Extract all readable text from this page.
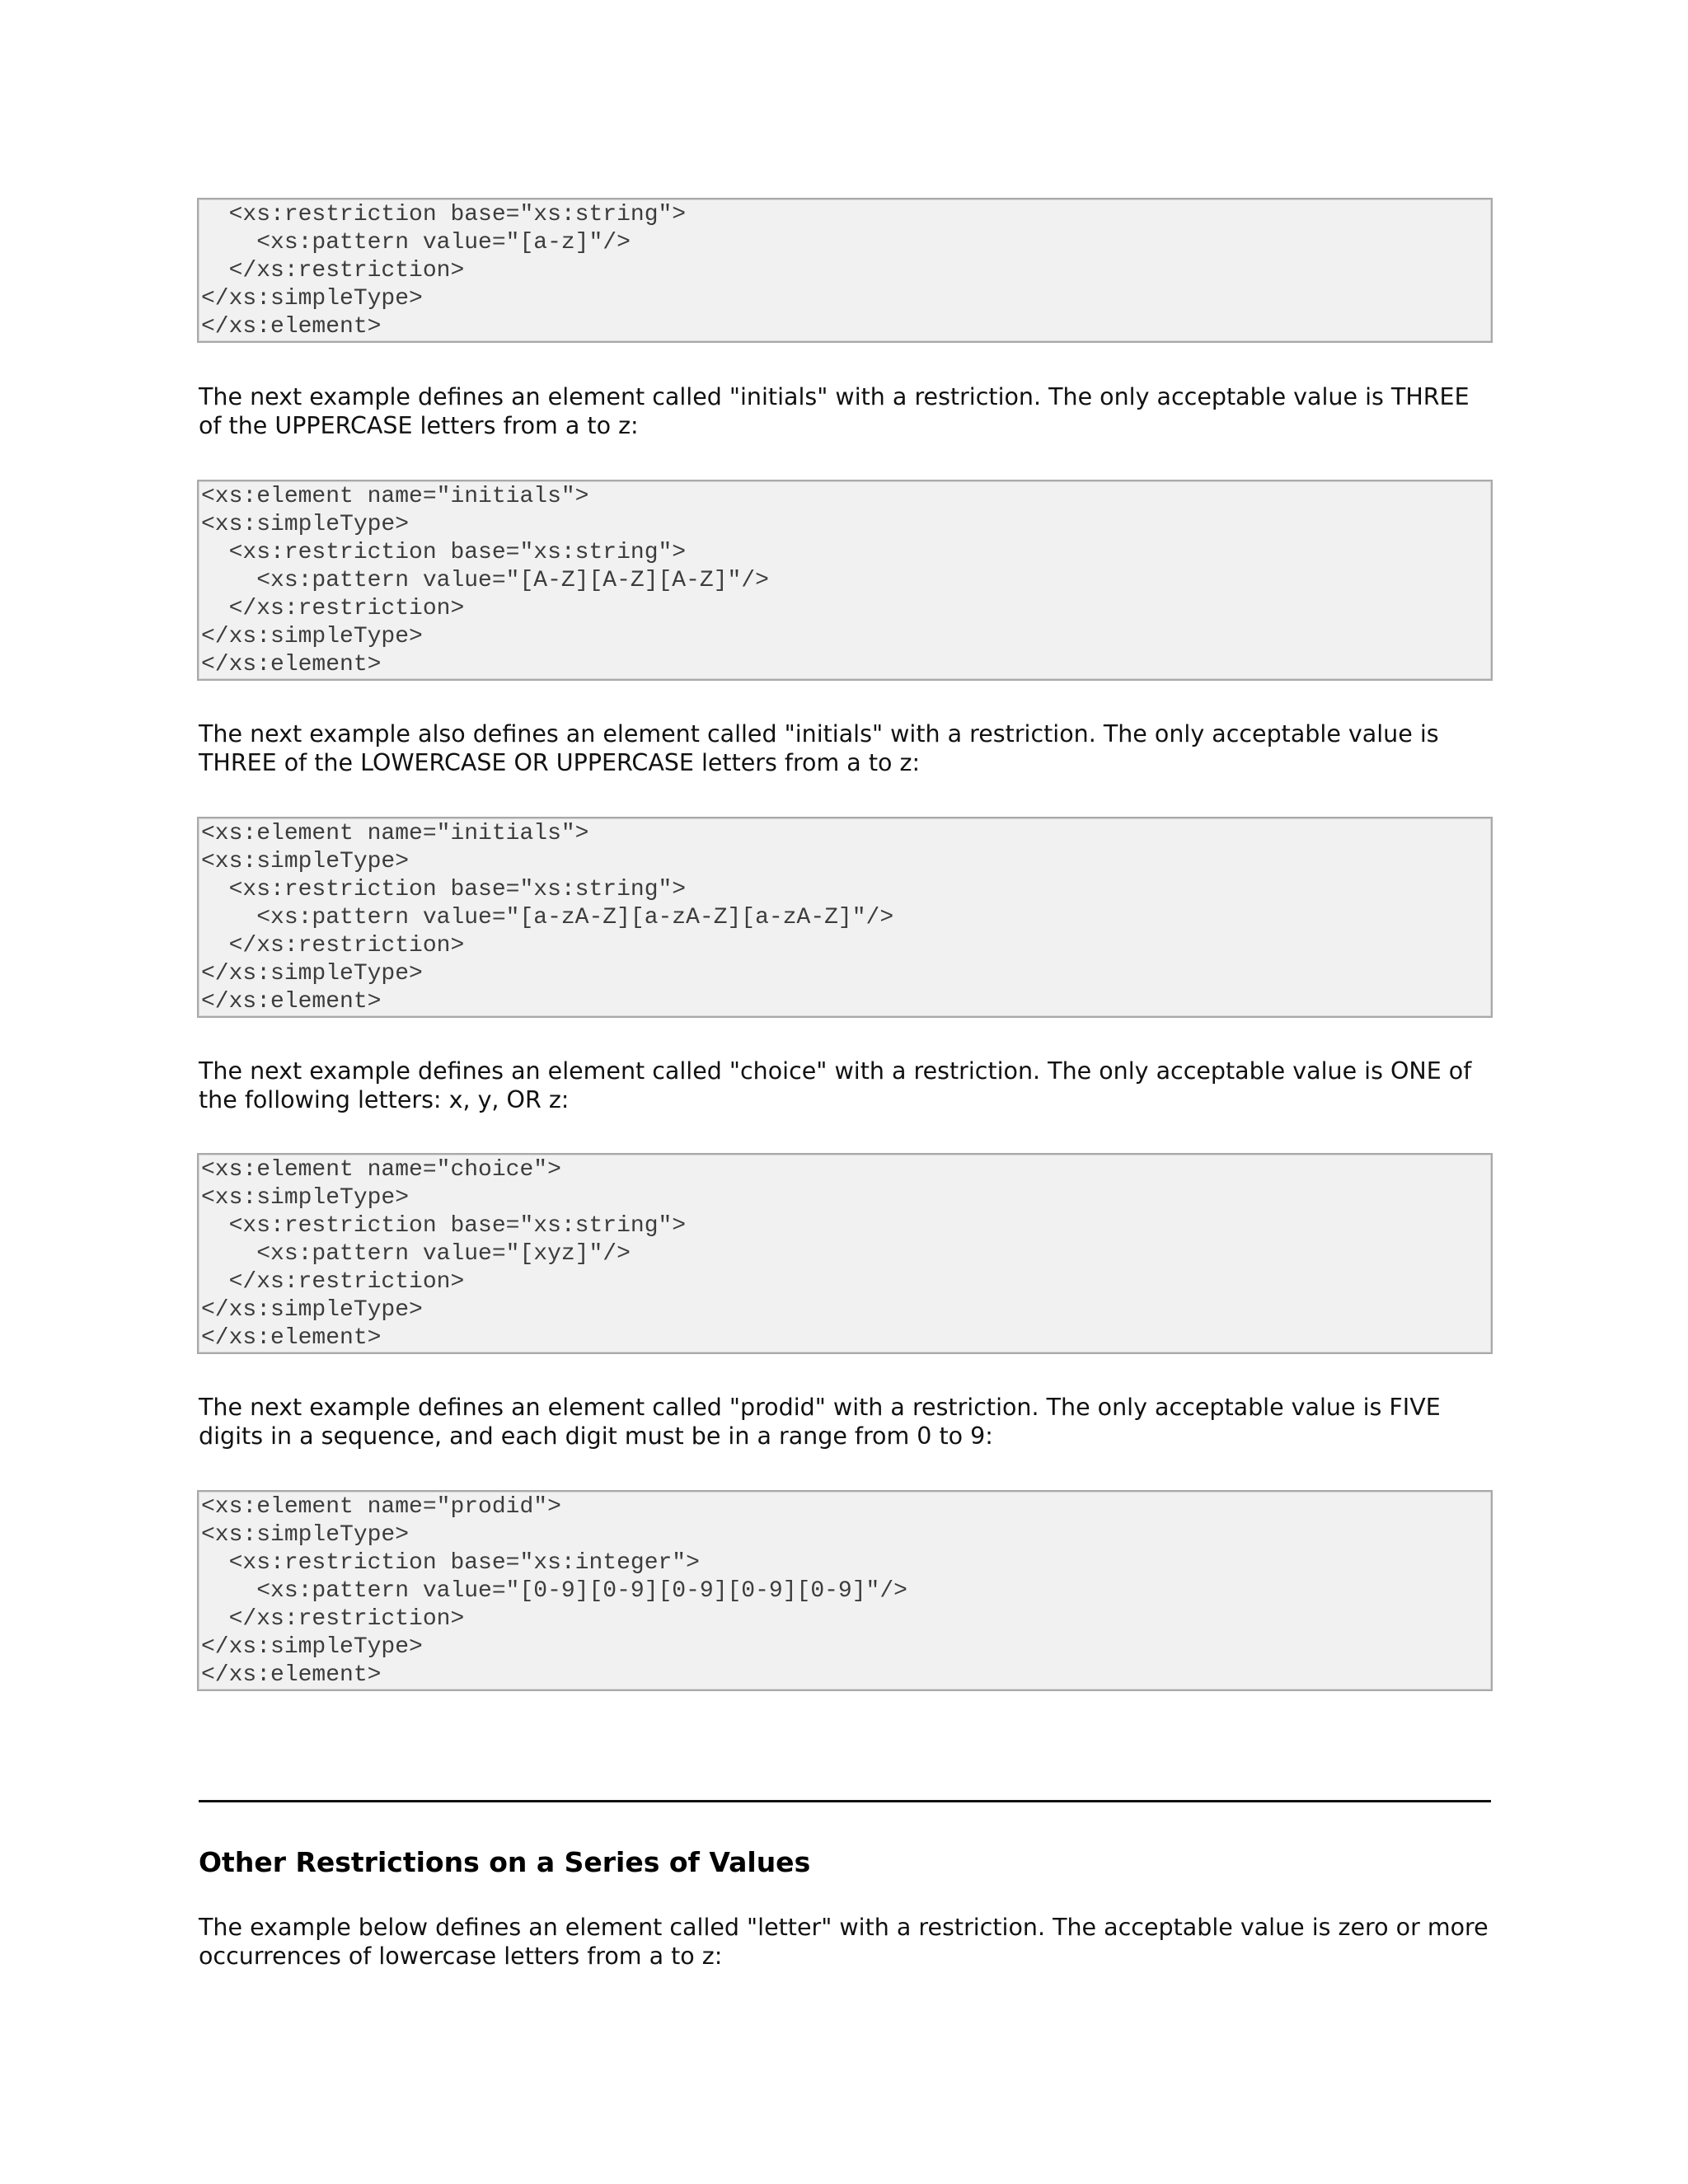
<xs:restriction base="xs:string">
<xs:pattern value="[a-z]"/>
</xs:restriction>
</xs:simpleType>
</xs:element>

The next example defines an element called "initials" with a restriction. The only acceptable value is THREE
of the UPPERCASE letters from a to z:

<xs:element name="initials">
<xs:simpleType>
<xs:restriction base="xs:string">
<xs:pattern value="[A-Z][A-Z][A-Z]"/>
</xs:restriction>
</xs:simpleType>
</xs:element>

The next example also defines an element called "initials" with a restriction. The only acceptable value is
THREE of the LOWERCASE OR UPPERCASE letters from a to z:

<xs:element name="initials">
<xs:simpleType>
<xs:restriction base="xs:string">
<xs:pattern value="[a-zA-Z][a-zA-Z][a-zA-Z]"/>
</xs:restriction>
</xs:simpleType>
</xs:element>

The next example defines an element called "choice" with a restriction. The only acceptable value is ONE of
the following letters: x, y, OR z:

<xs:element name="choice">
<xs:simpleType>
<xs:restriction base="xs:string">
<xs:pattern value="[xyz]"/>
</xs:restriction>
</xs:simpleType>
</xs:element>

The next example defines an element called "prodid" with a restriction. The only acceptable value is FIVE
digits in a sequence, and each digit must be in a range from 0 to 9:

<xs:element name="prodid">
<xs:simpleType>
<xs:restriction base="xs:integer">
<xs:pattern value="[0-9][0-9][0-9][0-9][0-9]"/>
</xs:restriction>
</xs:simpleType>
</xs:element>
Other Restrictions on a Series of Values

The example below defines an element called "letter" with a restriction. The acceptable value is zero or more
occurrences of lowercase letters from a to z:
